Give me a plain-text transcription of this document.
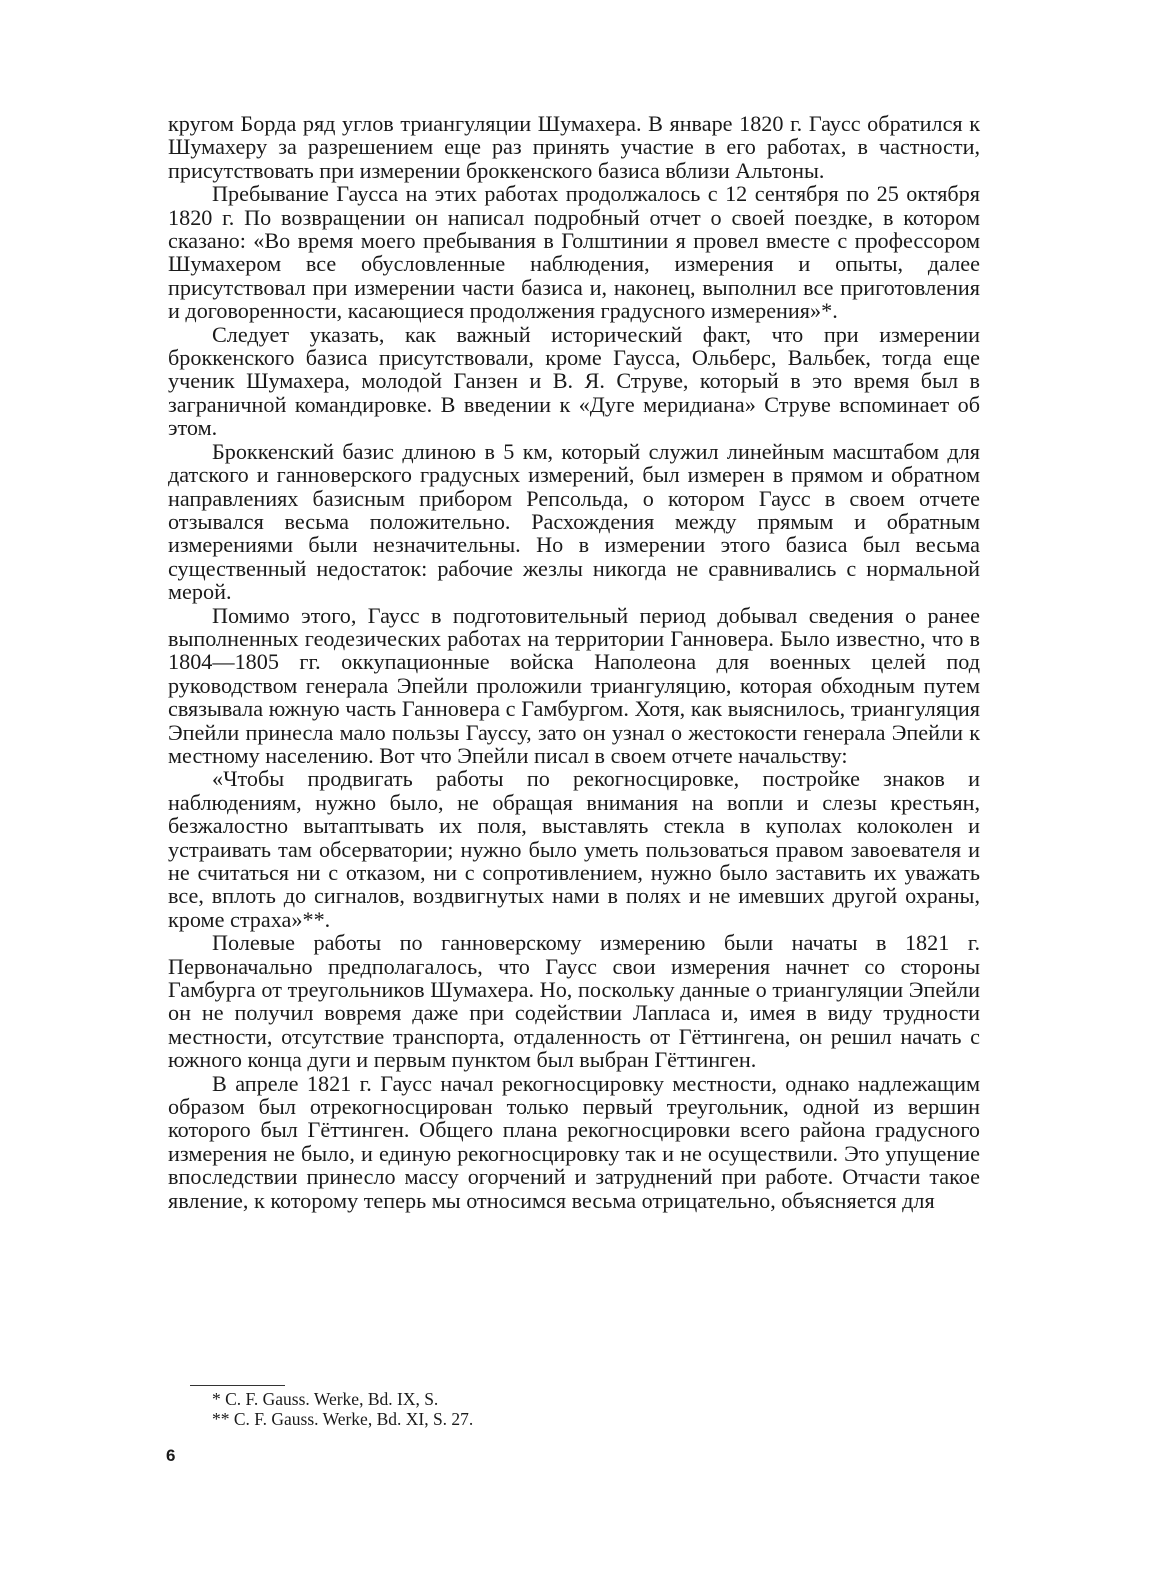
кругом Борда ряд углов триангуляции Шумахера. В январе 1820 г. Гаусс обратился к Шумахеру за разрешением еще раз принять участие в его работах, в частности, присутствовать при измерении броккенского базиса вблизи Альтоны.

Пребывание Гаусса на этих работах продолжалось с 12 сентября по 25 октября 1820 г. По возвращении он написал подробный отчет о своей поездке, в котором сказано: «Во время моего пребывания в Голштинии я провел вместе с профессором Шумахером все обусловленные наблюдения, измерения и опыты, далее присутствовал при измерении части базиса и, наконец, выполнил все приготовления и договоренности, касающиеся продолжения градусного измерения»*.

Следует указать, как важный исторический факт, что при измерении броккенского базиса присутствовали, кроме Гаусса, Ольберс, Вальбек, тогда еще ученик Шумахера, молодой Ганзен и В. Я. Струве, который в это время был в заграничной командировке. В введении к «Дуге меридиана» Струве вспоминает об этом.

Броккенский базис длиною в 5 км, который служил линейным масштабом для датского и ганноверского градусных измерений, был измерен в прямом и обратном направлениях базисным прибором Репсольда, о котором Гаусс в своем отчете отзывался весьма положительно. Расхождения между прямым и обратным измерениями были незначительны. Но в измерении этого базиса был весьма существенный недостаток: рабочие жезлы никогда не сравнивались с нормальной мерой.

Помимо этого, Гаусс в подготовительный период добывал сведения о ранее выполненных геодезических работах на территории Ганновера. Было известно, что в 1804—1805 гг. оккупационные войска Наполеона для военных целей под руководством генерала Эпейли проложили триангуляцию, которая обходным путем связывала южную часть Ганновера с Гамбургом. Хотя, как выяснилось, триангуляция Эпейли принесла мало пользы Гауссу, зато он узнал о жестокости генерала Эпейли к местному населению. Вот что Эпейли писал в своем отчете начальству:

«Чтобы продвигать работы по рекогносцировке, постройке знаков и наблюдениям, нужно было, не обращая внимания на вопли и слезы крестьян, безжалостно вытаптывать их поля, выставлять стекла в куполах колоколен и устраивать там обсерватории; нужно было уметь пользоваться правом завоевателя и не считаться ни с отказом, ни с сопротивлением, нужно было заставить их уважать все, вплоть до сигналов, воздвигнутых нами в полях и не имевших другой охраны, кроме страха»**.

Полевые работы по ганноверскому измерению были начаты в 1821 г. Первоначально предполагалось, что Гаусс свои измерения начнет со стороны Гамбурга от треугольников Шумахера. Но, поскольку данные о триангуляции Эпейли он не получил вовремя даже при содействии Лапласа и, имея в виду трудности местности, отсутствие транспорта, отдаленность от Гёттингена, он решил начать с южного конца дуги и первым пунктом был выбран Гёттинген.

В апреле 1821 г. Гаусс начал рекогносцировку местности, однако надлежащим образом был отрекогносцирован только первый треугольник, одной из вершин которого был Гёттинген. Общего плана рекогносцировки всего района градусного измерения не было, и единую рекогносцировку так и не осуществили. Это упущение впоследствии принесло массу огорчений и затруднений при работе. Отчасти такое явление, к которому теперь мы относимся весьма отрицательно, объясняется для

* C. F. Gauss. Werke, Bd. IX, S.
** C. F. Gauss. Werke, Bd. XI, S. 27.
6
